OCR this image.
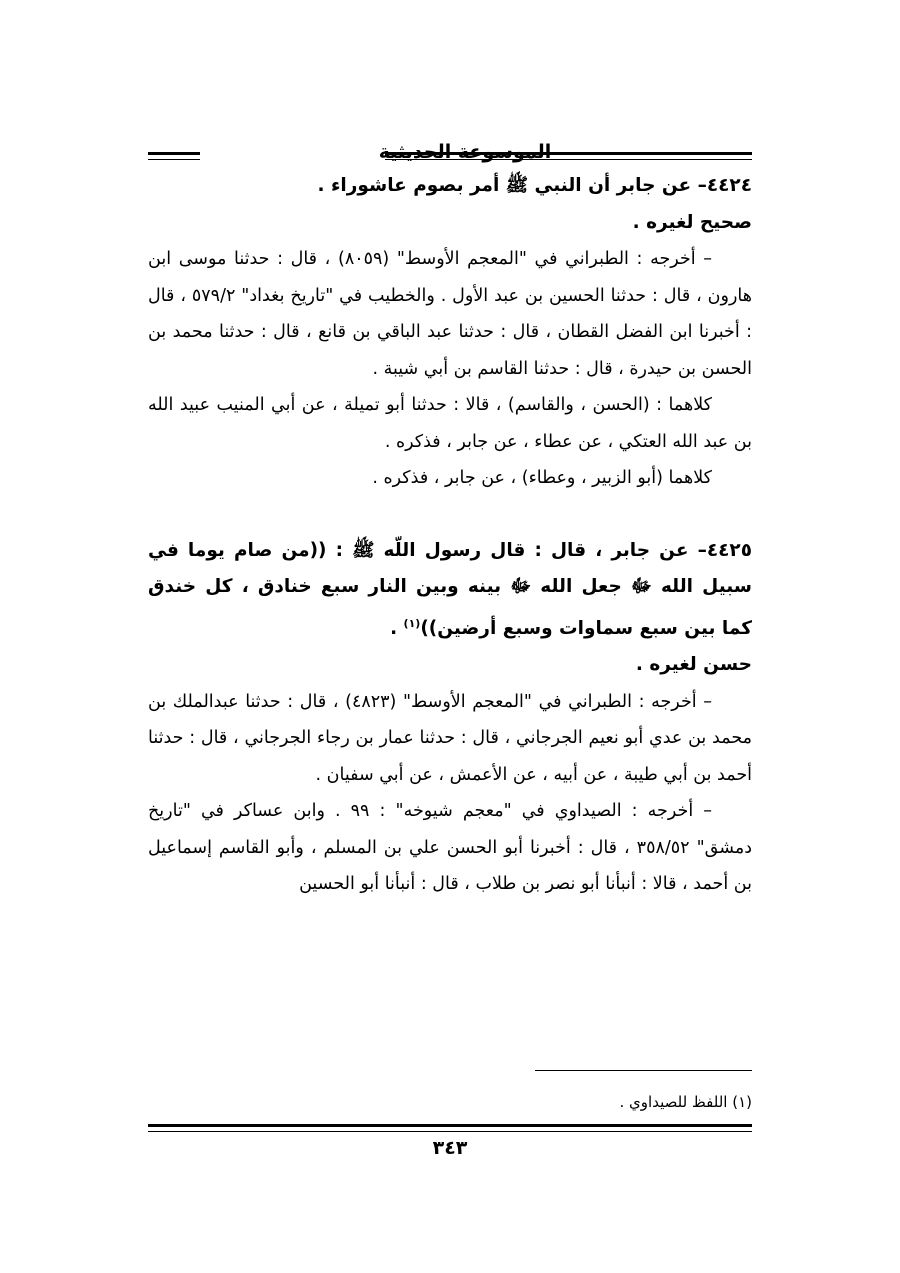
الموسوعة الحديثية

٤٤٢٤– عن جابر أن النبي ﷺ أمر بصوم عاشوراء .

صحيح لغيره .

– أخرجه : الطبراني في "المعجم الأوسط" (٨٠٥٩) ، قال : حدثنا موسى ابن هارون ، قال : حدثنا الحسين بن عبد الأول . والخطيب في "تاريخ بغداد" ٥٧٩/٢ ، قال : أخبرنا ابن الفضل القطان ، قال : حدثنا عبد الباقي بن قانع ، قال : حدثنا محمد بن الحسن بن حيدرة ، قال : حدثنا القاسم بن أبي شيبة .

كلاهما : (الحسن ، والقاسم) ، قالا : حدثنا أبو تميلة ، عن أبي المنيب عبيد الله بن عبد الله العتكي ، عن عطاء ، عن جابر ، فذكره .

كلاهما (أبو الزبير ، وعطاء) ، عن جابر ، فذكره .

٤٤٢٥– عن جابر ، قال : قال رسول اللّه ﷺ : ((من صام يوما في سبيل الله ﷻ جعل الله ﷻ بينه وبين النار سبع خنادق ، كل خندق كما بين سبع سماوات وسبع أرضين))$^{(١)}$ .

حسن لغيره .

– أخرجه : الطبراني في "المعجم الأوسط" (٤٨٢٣) ، قال : حدثنا عبدالملك بن محمد بن عدي أبو نعيم الجرجاني ، قال : حدثنا عمار بن رجاء الجرجاني ، قال : حدثنا أحمد بن أبي طيبة ، عن أبيه ، عن الأعمش ، عن أبي سفيان .

– أخرجه : الصيداوي في "معجم شيوخه" : ٩٩ . وابن عساكر في "تاريخ دمشق" ٣٥٨/٥٢ ، قال : أخبرنا أبو الحسن علي بن المسلم ، وأبو القاسم إسماعيل بن أحمد ، قالا : أنبأنا أبو نصر بن طلاب ، قال : أنبأنا أبو الحسين

(١) اللفظ للصيداوي .
٣٤٣
